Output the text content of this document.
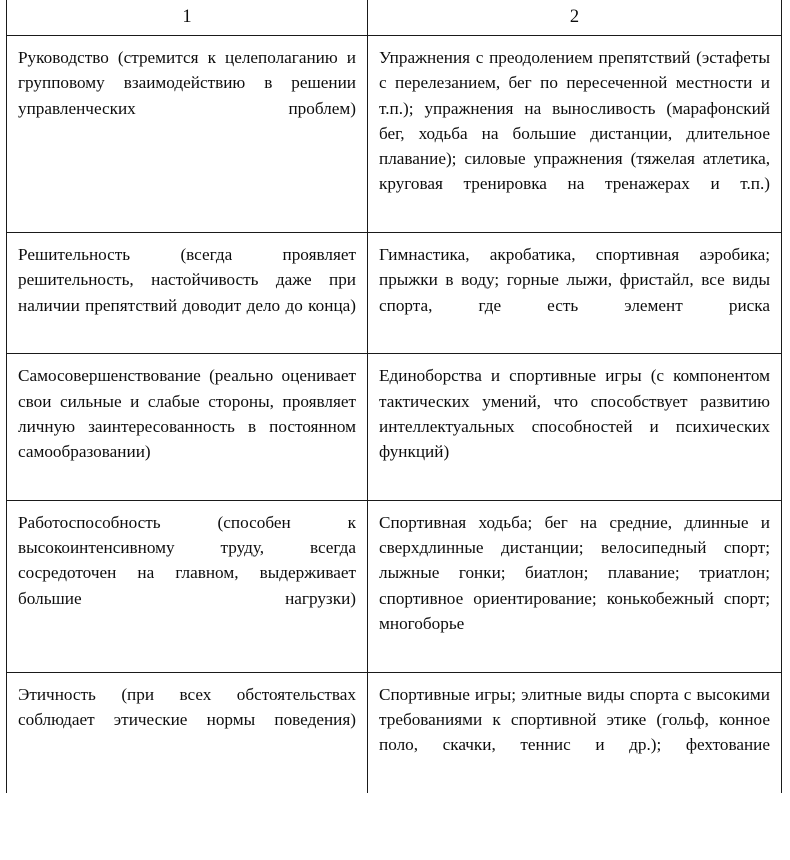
1	2

Руководство (стремится к целеполаганию и групповому взаимодействию в решении управленческих проблем)	Упражнения с преодолением препятствий (эстафеты с перелезанием, бег по пересеченной местности и т.п.); упражнения на выносливость (марафонский бег, ходьба на большие дистанции, длительное плавание); силовые упражнения (тяжелая атлетика, круговая тренировка на тренажерах и т.п.)

Решительность (всегда проявляет решительность, настойчивость даже при наличии препятствий доводит дело до конца)	Гимнастика, акробатика, спортивная аэробика; прыжки в воду; горные лыжи, фристайл, все виды спорта, где есть элемент риска

Самосовершенствование (реально оценивает свои сильные и слабые стороны, проявляет личную заинтересованность в постоянном самообразовании)	Единоборства и спортивные игры (с компонентом тактических умений, что способствует развитию интеллектуальных способностей и психических функций)

Работоспособность (способен к высокоинтенсивному труду, всегда сосредоточен на главном, выдерживает большие нагрузки)	Спортивная ходьба; бег на средние, длинные и сверхдлинные дистанции; велосипедный спорт; лыжные гонки; биатлон; плавание; триатлон; спортивное ориентирование; конькобежный спорт; многоборье

Этичность (при всех обстоятельствах соблюдает этические нормы поведения)	Спортивные игры; элитные виды спорта с высокими требованиями к спортивной этике (гольф, конное поло, скачки, теннис и др.); фехтование
